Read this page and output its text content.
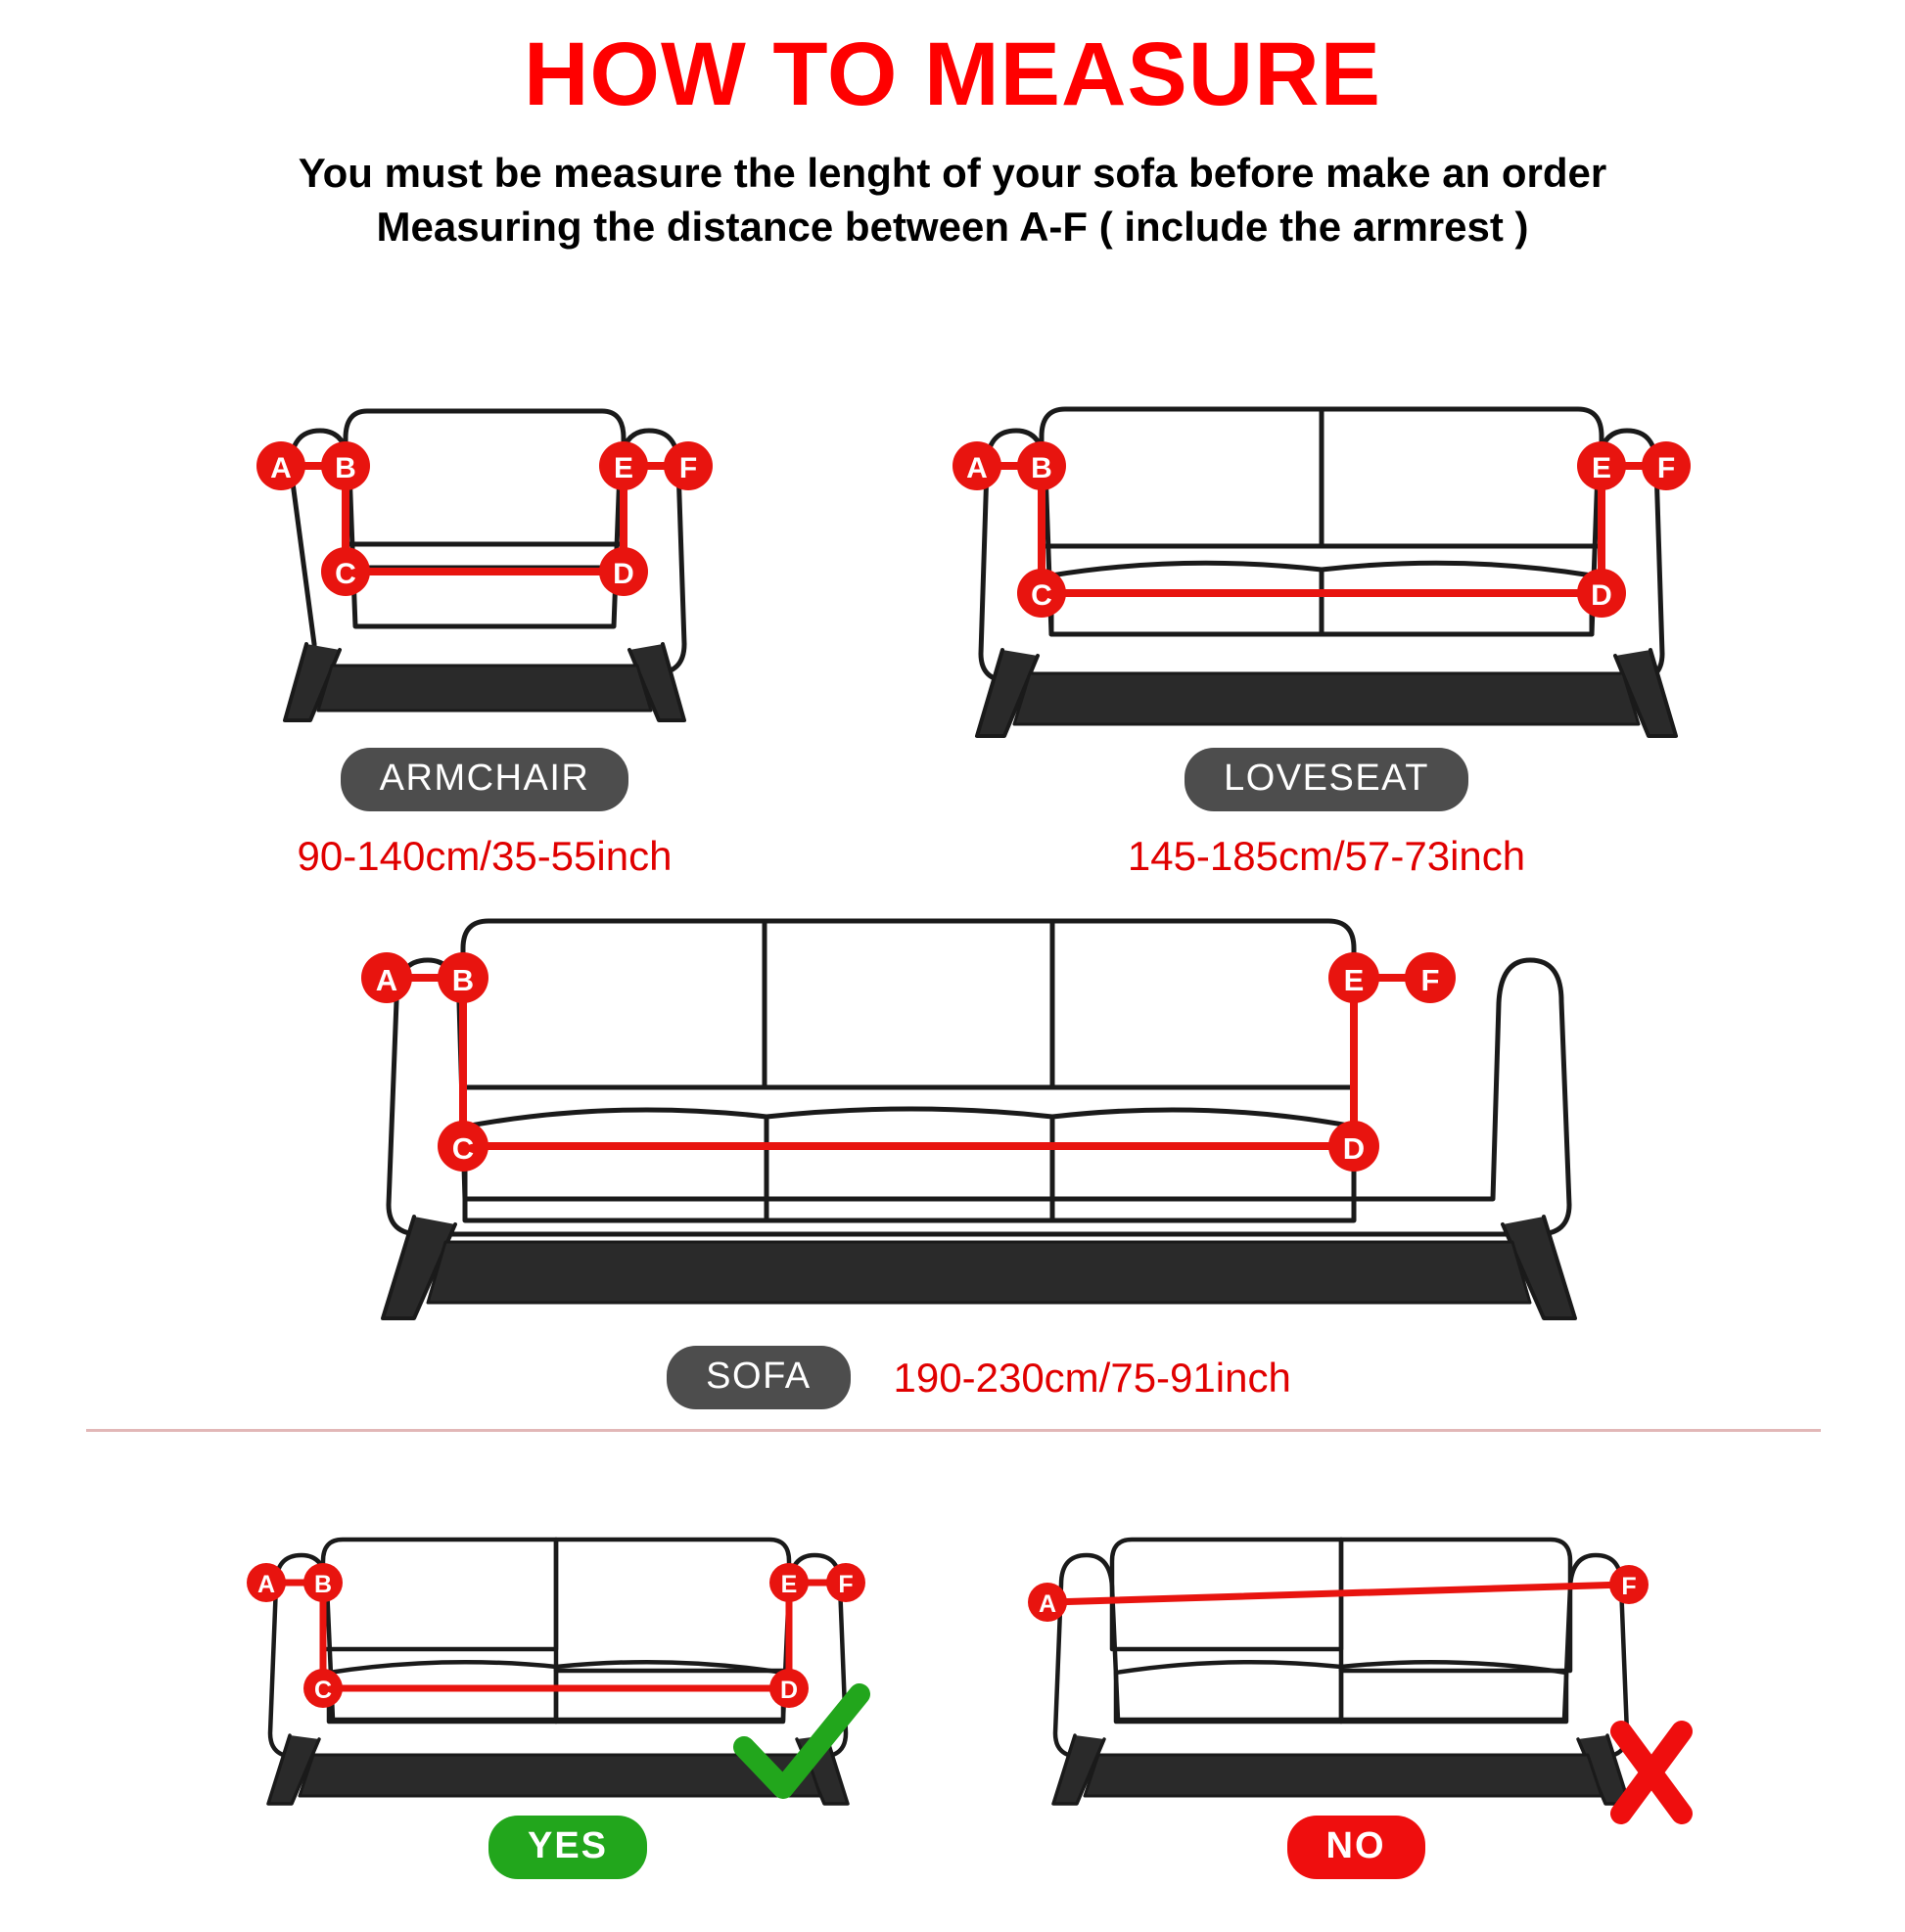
HOW TO MEASURE
You must be measure the lenght of your sofa before make an order
Measuring the distance between A-F ( include the armrest )
A B
C	D
E F
ARMCHAIR
90-140cm/35-55inch
A B
C	D
E F
LOVESEAT
145-185cm/57-73inch
A B
C	D
E F
SOFA	190-230cm/75-91inch
A B
C	D
E F
YES
A
F
NO
